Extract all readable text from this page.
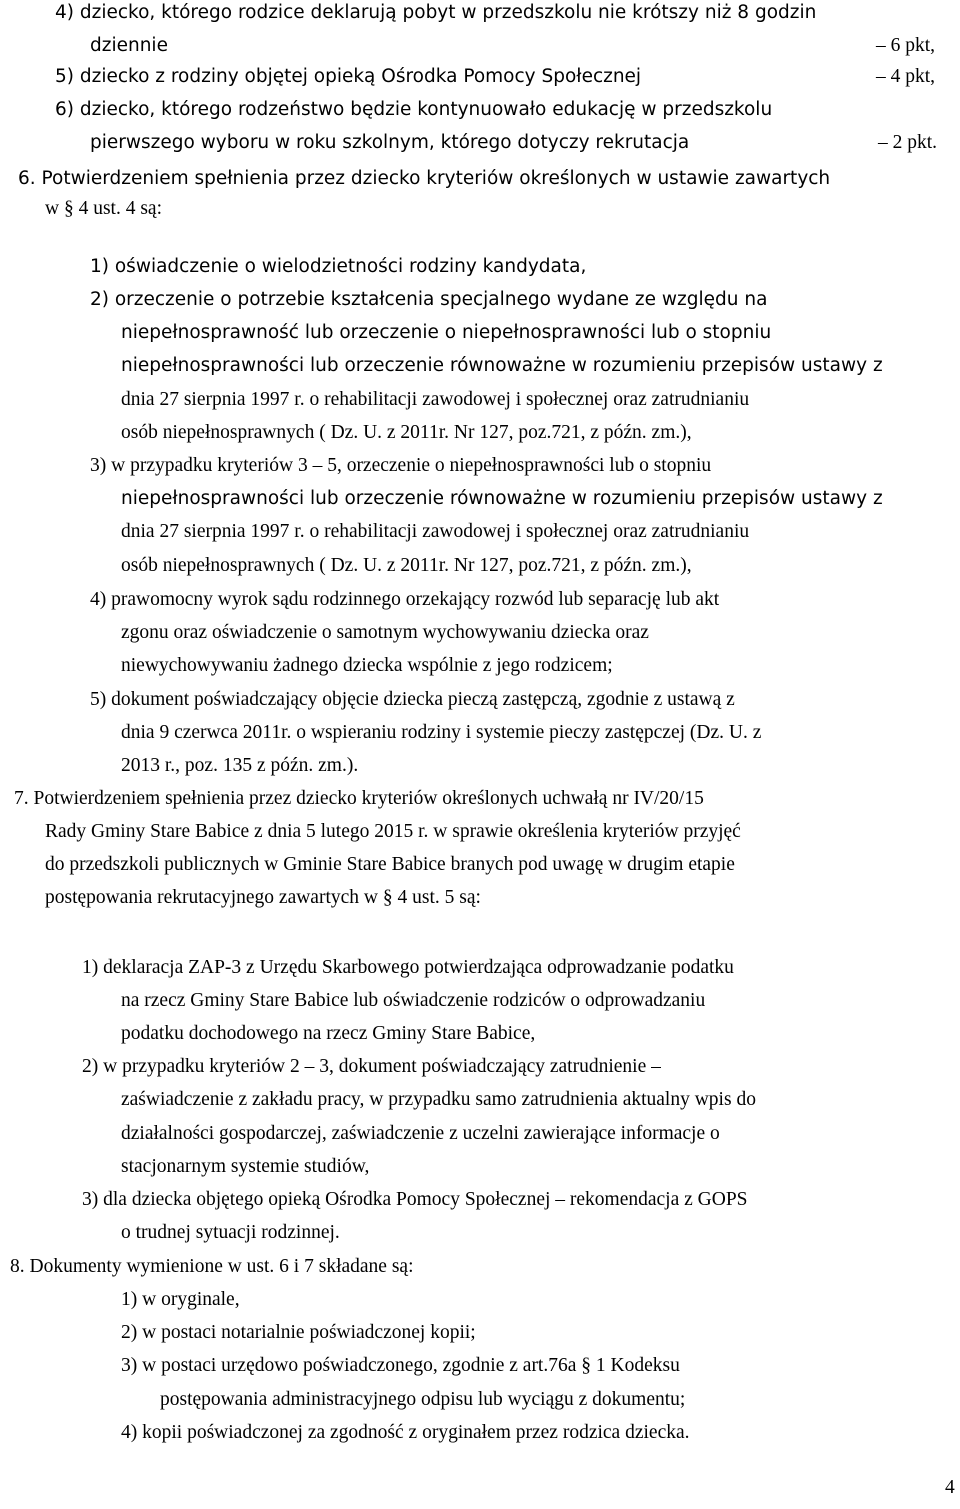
4) dziecko, którego rodzice deklarują pobyt w przedszkolu nie krótszy niż 8 godzin
dziennie	– 6 pkt,
5) dziecko z rodziny objętej opieką Ośrodka Pomocy Społecznej	– 4 pkt,
6) dziecko, którego rodzeństwo będzie kontynuowało edukację w przedszkolu
pierwszego wyboru w roku szkolnym, którego dotyczy rekrutacja	– 2 pkt.
6. Potwierdzeniem spełnienia przez dziecko kryteriów określonych w ustawie zawartych
w § 4 ust. 4 są:
1) oświadczenie o wielodzietności rodziny kandydata,
2) orzeczenie o potrzebie kształcenia specjalnego wydane ze względu na
niepełnosprawność lub orzeczenie o niepełnosprawności lub o stopniu
niepełnosprawności lub orzeczenie równoważne w rozumieniu przepisów ustawy z
dnia 27 sierpnia 1997 r. o rehabilitacji zawodowej i społecznej oraz zatrudnianiu
osób niepełnosprawnych ( Dz. U. z 2011r. Nr 127, poz.721, z późn. zm.),
3) w przypadku kryteriów 3 – 5, orzeczenie o niepełnosprawności lub o stopniu
niepełnosprawności lub orzeczenie równoważne w rozumieniu przepisów ustawy z
dnia 27 sierpnia 1997 r. o rehabilitacji zawodowej i społecznej oraz zatrudnianiu
osób niepełnosprawnych ( Dz. U. z 2011r. Nr 127, poz.721, z późn. zm.),
4) prawomocny wyrok sądu rodzinnego orzekający rozwód lub separację lub akt
zgonu oraz oświadczenie o samotnym wychowywaniu dziecka oraz
niewychowywaniu żadnego dziecka wspólnie z jego rodzicem;
5) dokument poświadczający objęcie dziecka pieczą zastępczą, zgodnie z ustawą z
dnia 9 czerwca 2011r. o wspieraniu rodziny i systemie pieczy zastępczej (Dz. U. z
2013 r., poz. 135 z późn. zm.).
7. Potwierdzeniem spełnienia przez dziecko kryteriów określonych uchwałą nr IV/20/15
Rady Gminy Stare Babice z dnia 5 lutego 2015 r. w sprawie określenia kryteriów przyjęć
do przedszkoli publicznych w Gminie Stare Babice branych pod uwagę w drugim etapie
postępowania rekrutacyjnego zawartych w § 4 ust. 5 są:
1) deklaracja ZAP-3 z Urzędu Skarbowego potwierdzająca odprowadzanie podatku
na rzecz Gminy Stare Babice lub oświadczenie rodziców o odprowadzaniu
podatku dochodowego na rzecz Gminy Stare Babice,
2) w przypadku kryteriów 2 – 3, dokument poświadczający zatrudnienie –
zaświadczenie z zakładu pracy, w przypadku samo zatrudnienia aktualny wpis do
działalności gospodarczej, zaświadczenie z uczelni zawierające informacje o
stacjonarnym systemie studiów,
3) dla dziecka objętego opieką Ośrodka Pomocy Społecznej – rekomendacja z GOPS
o trudnej sytuacji rodzinnej.
8. Dokumenty wymienione w ust. 6 i 7 składane są:
1) w oryginale,
2) w postaci notarialnie poświadczonej kopii;
3) w postaci urzędowo poświadczonego, zgodnie z art.76a § 1 Kodeksu
postępowania administracyjnego odpisu lub wyciągu z dokumentu;
4) kopii poświadczonej za zgodność z oryginałem przez rodzica dziecka.
4
